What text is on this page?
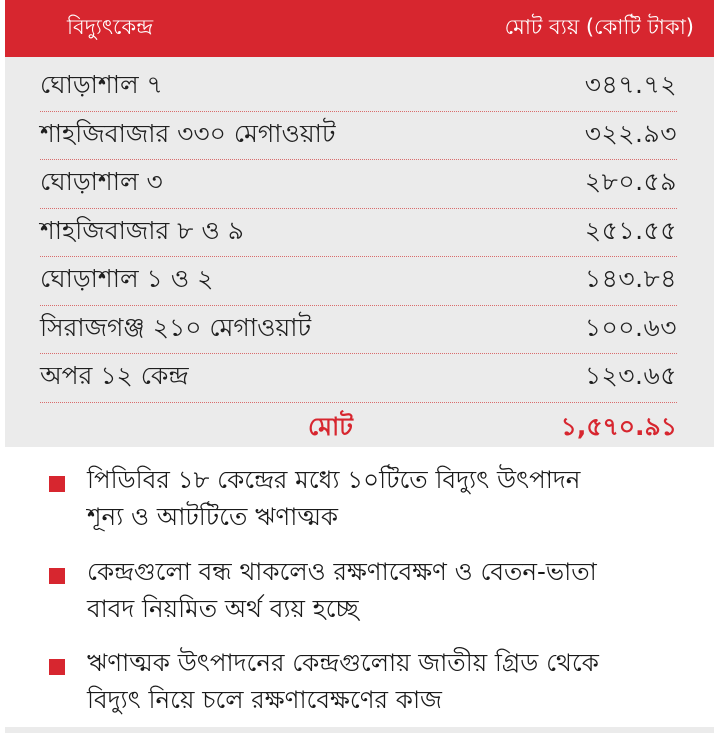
বিদ্যুৎকেন্দ্র	মোট ব্যয় (কোটি টাকা)
ঘোড়াশাল ৭	৩৪৭.৭২
শাহজিবাজার ৩৩০ মেগাওয়াট	৩২২.৯৩
ঘোড়াশাল ৩	২৮০.৫৯
শাহজিবাজার ৮ ও ৯	২৫১.৫৫
ঘোড়াশাল ১ ও ২	১৪৩.৮৪
সিরাজগঞ্জ ২১০ মেগাওয়াট	১০০.৬৩
অপর ১২ কেন্দ্র	১২৩.৬৫
মোট	১,৫৭০.৯১
পিডিবির ১৮ কেন্দ্রের মধ্যে ১০টিতে বিদ্যুৎ উৎপাদন
শূন্য ও আটটিতে ঋণাত্মক
কেন্দ্রগুলো বন্ধ থাকলেও রক্ষণাবেক্ষণ ও বেতন-ভাতা
বাবদ নিয়মিত অর্থ ব্যয় হচ্ছে
ঋণাত্মক উৎপাদনের কেন্দ্রগুলোয় জাতীয় গ্রিড থেকে
বিদ্যুৎ নিয়ে চলে রক্ষণাবেক্ষণের কাজ
